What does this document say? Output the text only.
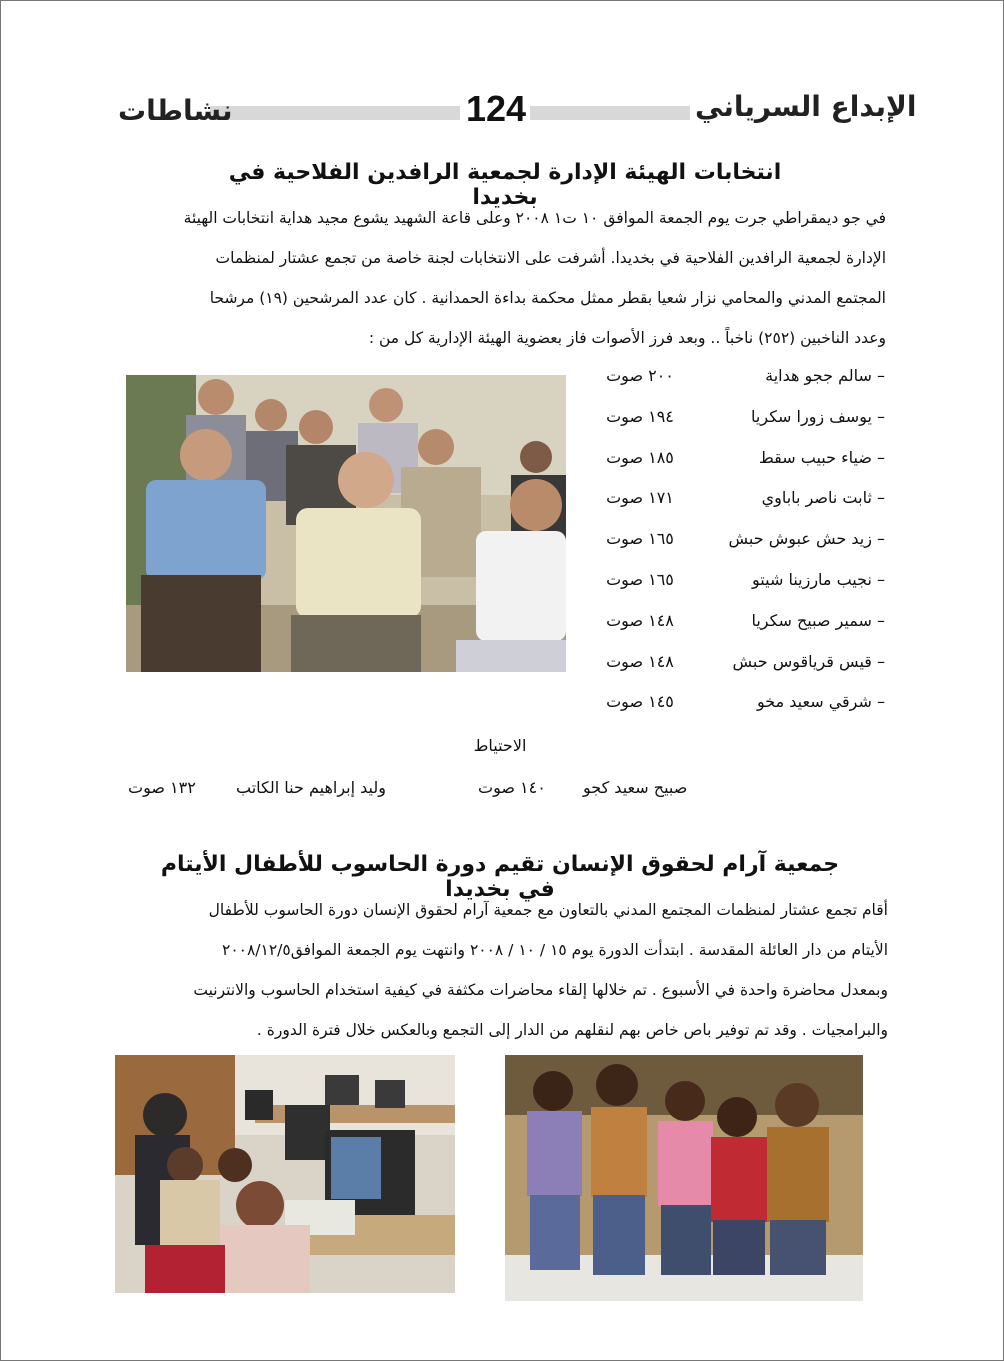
نشاطات	124	الإبداع السرياني
انتخابات الهيئة الإدارة لجمعية الرافدين الفلاحية في بخديدا

في جو ديمقراطي جرت يوم الجمعة الموافق ١٠ ت١ ٢٠٠٨ وعلى قاعة الشهيد يشوع مجيد هداية انتخابات الهيئة

الإدارة لجمعية الرافدين الفلاحية في بخديدا. أشرفت على الانتخابات لجنة خاصة من تجمع عشتار لمنظمات

المجتمع المدني والمحامي نزار شعيا بقطر ممثل محكمة بداءة الحمدانية . كان عدد المرشحين (١٩) مرشحا

وعدد الناخبين (٢٥٢) ناخباً .. وبعد فرز الأصوات فاز بعضوية الهيئة الإدارية كل من :

– سالم ججو هداية
٢٠٠ صوت
– يوسف زورا سكريا
١٩٤ صوت
– ضياء حبيب سقط
١٨٥ صوت
– ثابت ناصر باباوي
١٧١ صوت
– زيد حش عبوش حبش
١٦٥ صوت
– نجيب مارزينا شيتو
١٦٥ صوت
– سمير صبيح سكريا
١٤٨ صوت
– قيس قرياقوس حبش
١٤٨ صوت
– شرقي سعيد مخو
١٤٥ صوت
الاحتياط
صبيح سعيد كجو
١٤٠ صوت
وليد إبراهيم حنا الكاتب
١٣٢ صوت
جمعية آرام لحقوق الإنسان تقيم دورة الحاسوب للأطفال الأيتام في بخديدا

أقام تجمع عشتار لمنظمات المجتمع المدني بالتعاون مع جمعية آرام لحقوق الإنسان دورة الحاسوب للأطفال

الأيتام من دار العائلة المقدسة . ابتدأت الدورة يوم ١٥ / ١٠ / ٢٠٠٨ وانتهت يوم الجمعة الموافق٢٠٠٨/١٢/٥

وبمعدل محاضرة واحدة في الأسبوع . تم خلالها إلقاء محاضرات مكثفة في كيفية استخدام الحاسوب والانترنيت

والبرامجيات . وقد تم توفير باص خاص بهم لنقلهم من الدار إلى التجمع وبالعكس خلال فترة الدورة .
